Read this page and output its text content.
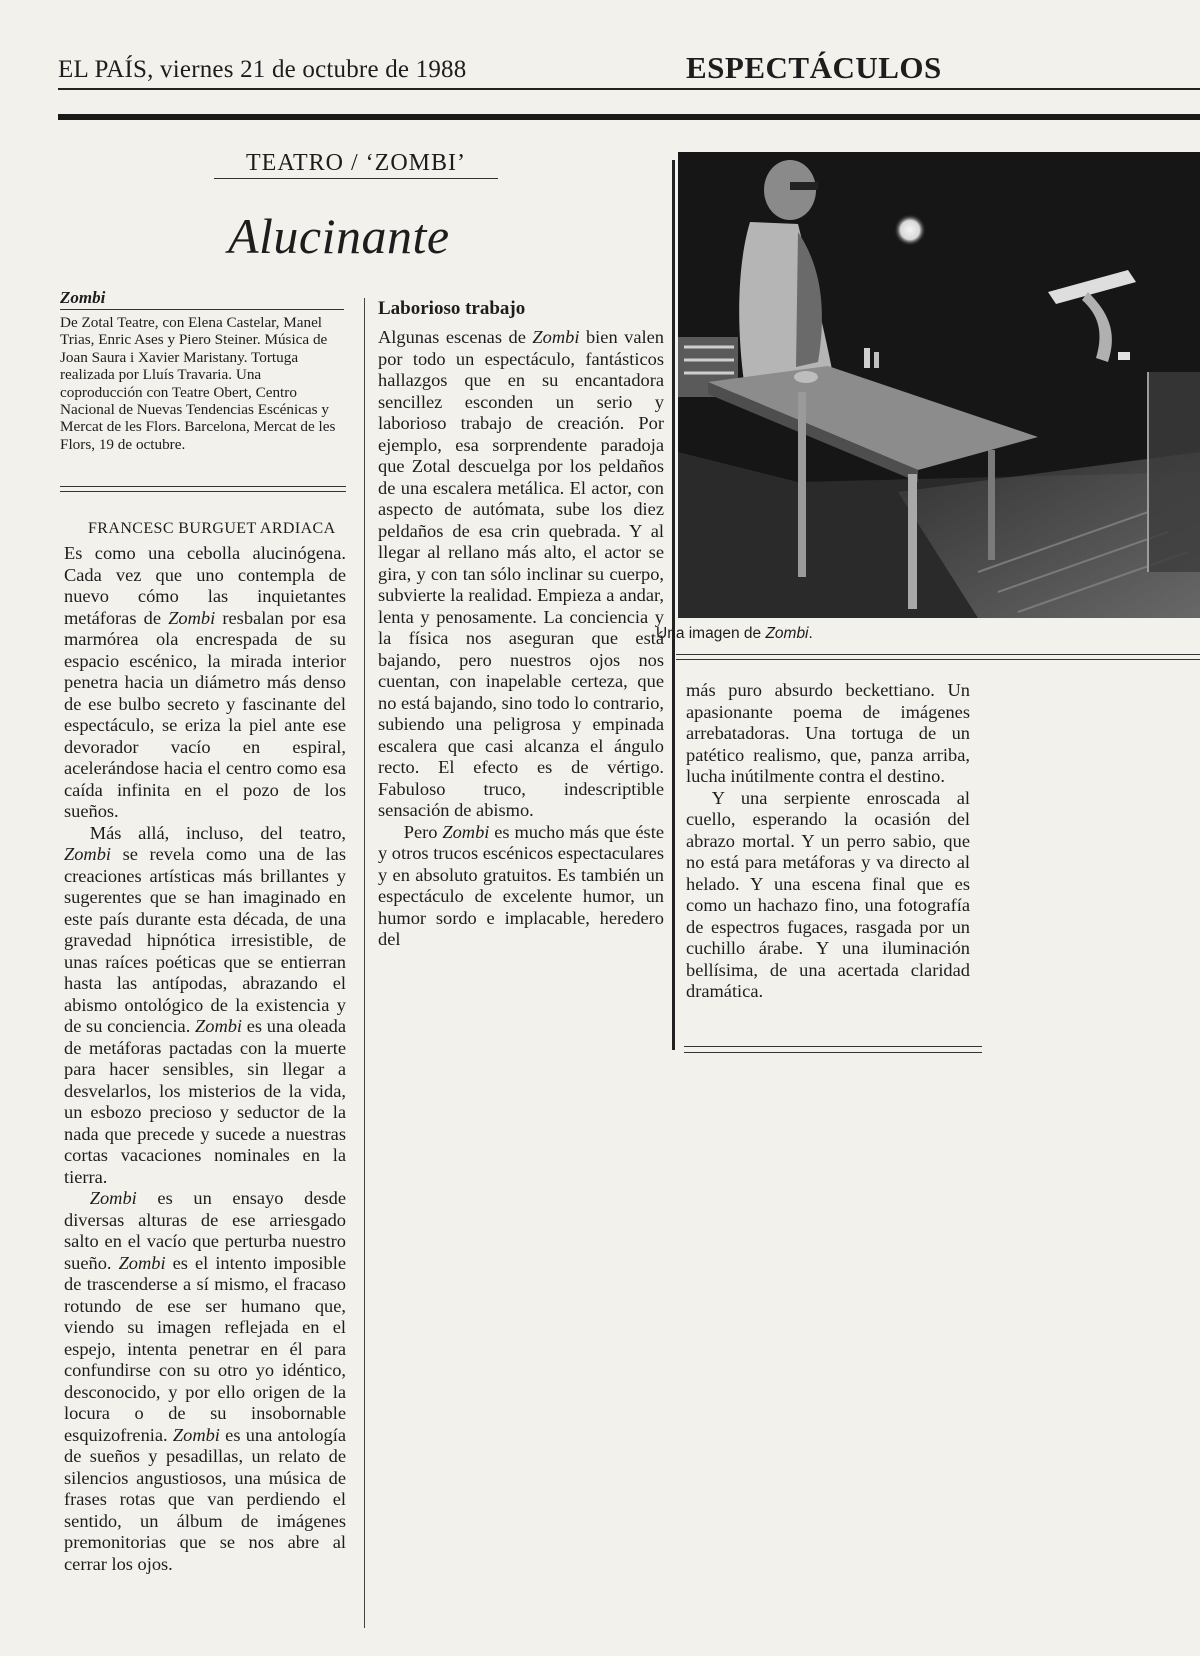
EL PAÍS, viernes 21 de octubre de 1988	ESPECTÁCULOS
TEATRO / ‘ZOMBI’
Alucinante
Zombi
De Zotal Teatre, con Elena Castelar, Manel Trias, Enric Ases y Piero Steiner. Música de Joan Saura i Xavier Maristany. Tortuga realizada por Lluís Travaria. Una coproducción con Teatre Obert, Centro Nacional de Nuevas Tendencias Escénicas y Mercat de les Flors. Barcelona, Mercat de les Flors, 19 de octubre.
FRANCESC BURGUET ARDIACA

Es como una cebolla alucinógena. Cada vez que uno contempla de nuevo cómo las inquietantes metáforas de Zombi resbalan por esa marmórea ola encrespada de su espacio escénico, la mirada interior penetra hacia un diámetro más denso de ese bulbo secreto y fascinante del espectáculo, se eriza la piel ante ese devorador vacío en espiral, acelerándose hacia el centro como esa caída infinita en el pozo de los sueños.

Más allá, incluso, del teatro, Zombi se revela como una de las creaciones artísticas más brillantes y sugerentes que se han imaginado en este país durante esta década, de una gravedad hipnótica irresistible, de unas raíces poéticas que se entierran hasta las antípodas, abrazando el abismo ontológico de la existencia y de su conciencia. Zombi es una oleada de metáforas pactadas con la muerte para hacer sensibles, sin llegar a desvelarlos, los misterios de la vida, un esbozo precioso y seductor de la nada que precede y sucede a nuestras cortas vacaciones nominales en la tierra.

Zombi es un ensayo desde diversas alturas de ese arriesgado salto en el vacío que perturba nuestro sueño. Zombi es el intento imposible de trascenderse a sí mismo, el fracaso rotundo de ese ser humano que, viendo su imagen reflejada en el espejo, intenta penetrar en él para confundirse con su otro yo idéntico, desconocido, y por ello origen de la locura o de su insobornable esquizofrenia. Zombi es una antología de sueños y pesadillas, un relato de silencios angustiosos, una música de frases rotas que van perdiendo el sentido, un álbum de imágenes premonitorias que se nos abre al cerrar los ojos.

Laborioso trabajo

Algunas escenas de Zombi bien valen por todo un espectáculo, fantásticos hallazgos que en su encantadora sencillez esconden un serio y laborioso trabajo de creación. Por ejemplo, esa sorprendente paradoja que Zotal descuelga por los peldaños de una escalera metálica. El actor, con aspecto de autómata, sube los diez peldaños de esa crin quebrada. Y al llegar al rellano más alto, el actor se gira, y con tan sólo inclinar su cuerpo, subvierte la realidad. Empieza a andar, lenta y penosamente. La conciencia y la física nos aseguran que está bajando, pero nuestros ojos nos cuentan, con inapelable certeza, que no está bajando, sino todo lo contrario, subiendo una peligrosa y empinada escalera que casi alcanza el ángulo recto. El efecto es de vértigo. Fabuloso truco, indescriptible sensación de abismo.

Pero Zombi es mucho más que éste y otros trucos escénicos espectaculares y en absoluto gratuitos. Es también un espectáculo de excelente humor, un humor sordo e implacable, heredero del

Una imagen de Zombi.

más puro absurdo beckettiano. Un apasionante poema de imágenes arrebatadoras. Una tortuga de un patético realismo, que, panza arriba, lucha inútilmente contra el destino.

Y una serpiente enroscada al cuello, esperando la ocasión del abrazo mortal. Y un perro sabio, que no está para metáforas y va directo al helado. Y una escena final que es como un hachazo fino, una fotografía de espectros fugaces, rasgada por un cuchillo árabe. Y una iluminación bellísima, de una acertada claridad dramática.
